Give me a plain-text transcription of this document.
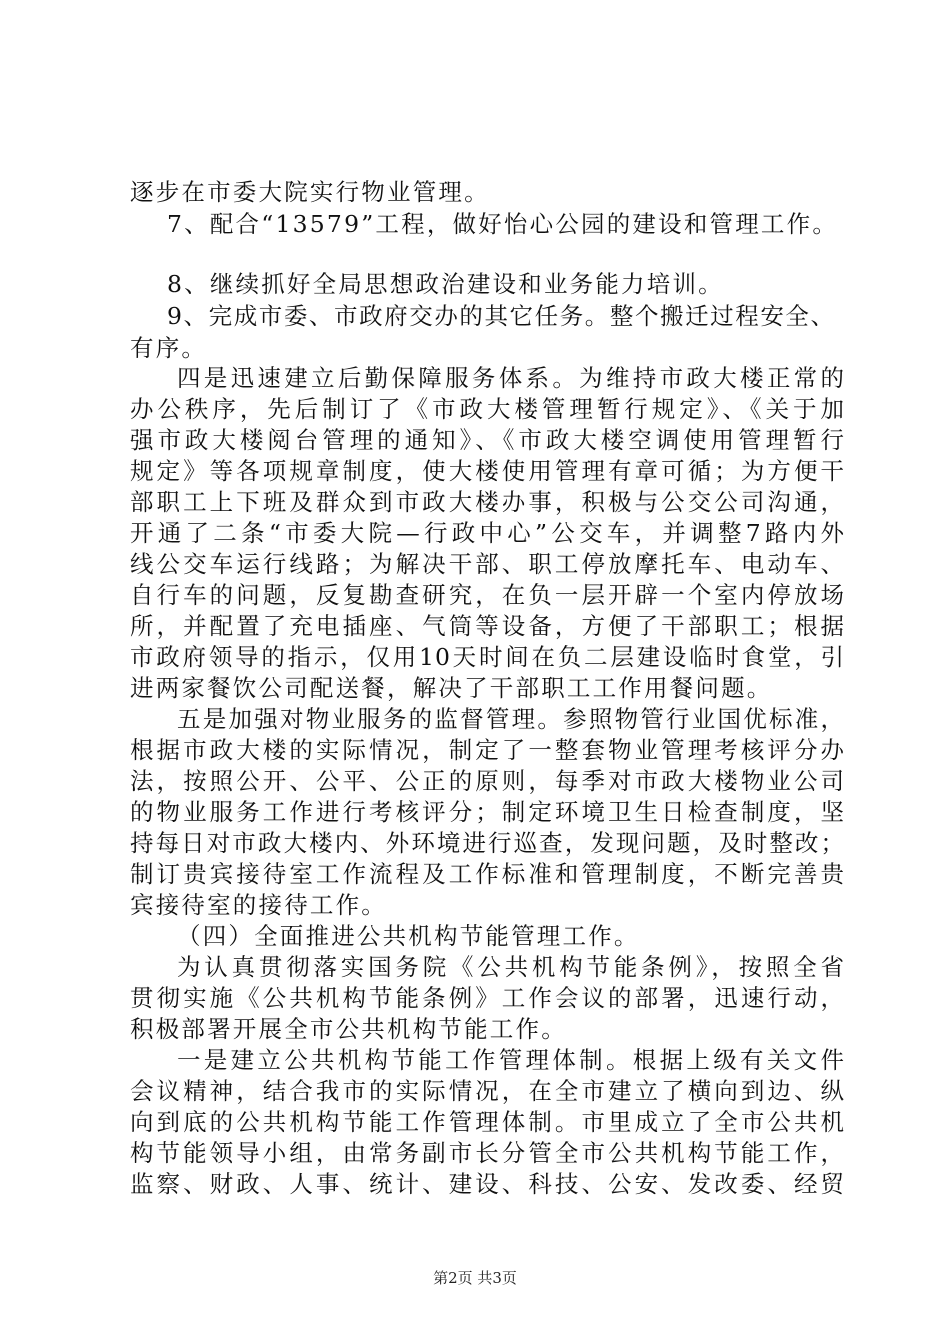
逐步在市委大院实行物业管理。
7、配合“13579”工程，做好怡心公园的建设和管理工作。
8、继续抓好全局思想政治建设和业务能力培训。
9、完成市委、市政府交办的其它任务。整个搬迁过程安全、
有序。
四是迅速建立后勤保障服务体系。为维持市政大楼正常的
办公秩序，先后制订了《市政大楼管理暂行规定》、《关于加
强市政大楼阅台管理的通知》、《市政大楼空调使用管理暂行
规定》等各项规章制度，使大楼使用管理有章可循；为方便干
部职工上下班及群众到市政大楼办事，积极与公交公司沟通，
开通了二条“市委大院—行政中心”公交车，并调整7路内外
线公交车运行线路；为解决干部、职工停放摩托车、电动车、
自行车的问题，反复勘查研究，在负一层开辟一个室内停放场
所，并配置了充电插座、气筒等设备，方便了干部职工；根据
市政府领导的指示，仅用10天时间在负二层建设临时食堂，引
进两家餐饮公司配送餐，解决了干部职工工作用餐问题。
五是加强对物业服务的监督管理。参照物管行业国优标准，
根据市政大楼的实际情况，制定了一整套物业管理考核评分办
法，按照公开、公平、公正的原则，每季对市政大楼物业公司
的物业服务工作进行考核评分；制定环境卫生日检查制度，坚
持每日对市政大楼内、外环境进行巡查，发现问题，及时整改；
制订贵宾接待室工作流程及工作标准和管理制度，不断完善贵
宾接待室的接待工作。
（四）全面推进公共机构节能管理工作。
为认真贯彻落实国务院《公共机构节能条例》，按照全省
贯彻实施《公共机构节能条例》工作会议的部署，迅速行动，
积极部署开展全市公共机构节能工作。
一是建立公共机构节能工作管理体制。根据上级有关文件
会议精神，结合我市的实际情况，在全市建立了横向到边、纵
向到底的公共机构节能工作管理体制。市里成立了全市公共机
构节能领导小组，由常务副市长分管全市公共机构节能工作，
监察、财政、人事、统计、建设、科技、公安、发改委、经贸
第2页 共3页
